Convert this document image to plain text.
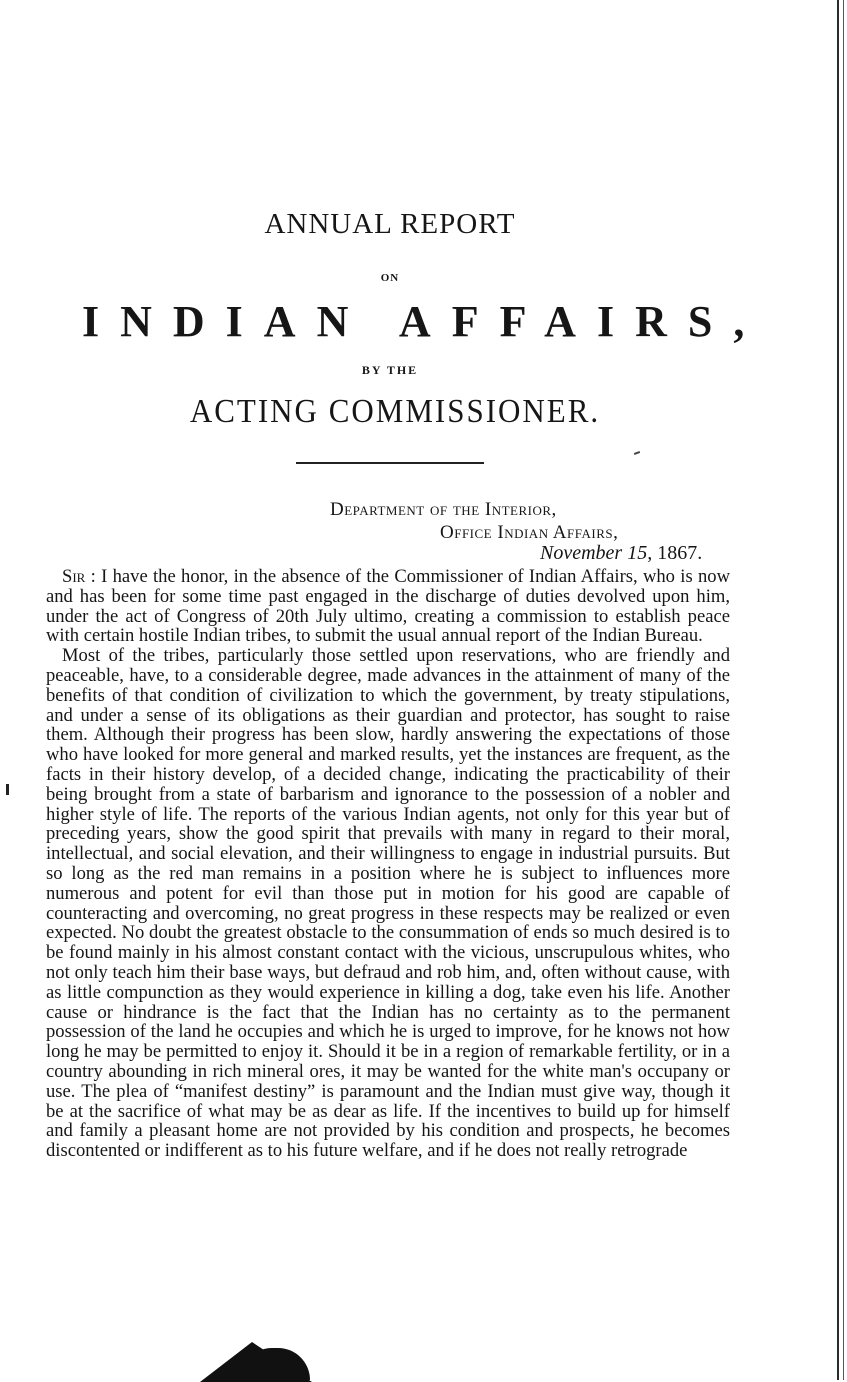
ANNUAL REPORT
ON
INDIAN AFFAIRS,
BY THE
ACTING COMMISSIONER.
Department of the Interior,
Office Indian Affairs,
November 15, 1867.

Sir : I have the honor, in the absence of the Commissioner of Indian Affairs, who is now and has been for some time past engaged in the discharge of duties devolved upon him, under the act of Congress of 20th July ultimo, creating a commission to establish peace with certain hostile Indian tribes, to submit the usual annual report of the Indian Bureau.

Most of the tribes, particularly those settled upon reservations, who are friendly and peaceable, have, to a considerable degree, made advances in the attainment of many of the benefits of that condition of civilization to which the government, by treaty stipulations, and under a sense of its obligations as their guardian and protector, has sought to raise them. Although their progress has been slow, hardly answering the expectations of those who have looked for more general and marked results, yet the instances are frequent, as the facts in their history develop, of a decided change, indicating the practicability of their being brought from a state of barbarism and ignorance to the possession of a nobler and higher style of life. The reports of the various Indian agents, not only for this year but of preceding years, show the good spirit that prevails with many in regard to their moral, intellectual, and social elevation, and their willingness to engage in industrial pursuits. But so long as the red man remains in a position where he is subject to influences more numerous and potent for evil than those put in motion for his good are capable of counteracting and overcoming, no great progress in these respects may be realized or even expected. No doubt the greatest obstacle to the consummation of ends so much desired is to be found mainly in his almost constant contact with the vicious, unscrupulous whites, who not only teach him their base ways, but defraud and rob him, and, often without cause, with as little compunction as they would experience in killing a dog, take even his life. Another cause or hindrance is the fact that the Indian has no certainty as to the permanent possession of the land he occupies and which he is urged to improve, for he knows not how long he may be permitted to enjoy it. Should it be in a region of remarkable fertility, or in a country abounding in rich mineral ores, it may be wanted for the white man's occupany or use. The plea of “manifest destiny” is paramount and the Indian must give way, though it be at the sacrifice of what may be as dear as life. If the incentives to build up for himself and family a pleasant home are not provided by his condition and prospects, he becomes discontented or indifferent as to his future welfare, and if he does not really retrograde
